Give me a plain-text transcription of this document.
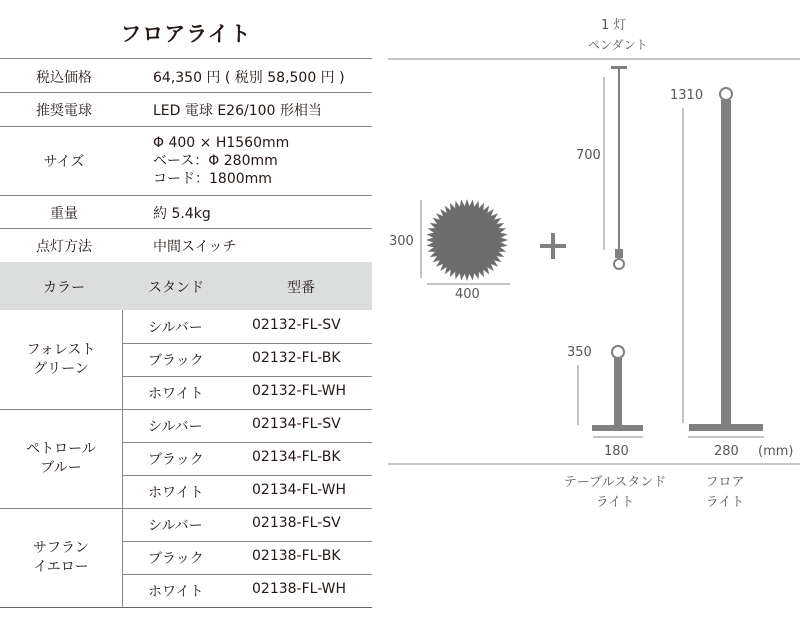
フロアライト
税込価格	64,350 円 ( 税別 58,500 円 )
推奨電球	LED 電球 E26/100 形相当
サイズ
Φ 400 × H1560mm
ベース：Φ 280mm
コード：1800mm
重量	約 5.4kg
点灯方法	中間スイッチ
カラー	スタンド	型番
フォレスト
グリーン
シルバー	02132-FL-SV
ブラック	02132-FL-BK
ホワイト	02132-FL-WH
ペトロール
ブルー
シルバー	02134-FL-SV
ブラック	02134-FL-BK
ホワイト	02134-FL-WH
サフラン
イエロー
シルバー	02138-FL-SV
ブラック	02138-FL-BK
ホワイト	02138-FL-WH
1 灯
ペンダント
300
400
700
1310
350
180	280 (mm)
テーブルスタンド
ライト
フロア
ライト
